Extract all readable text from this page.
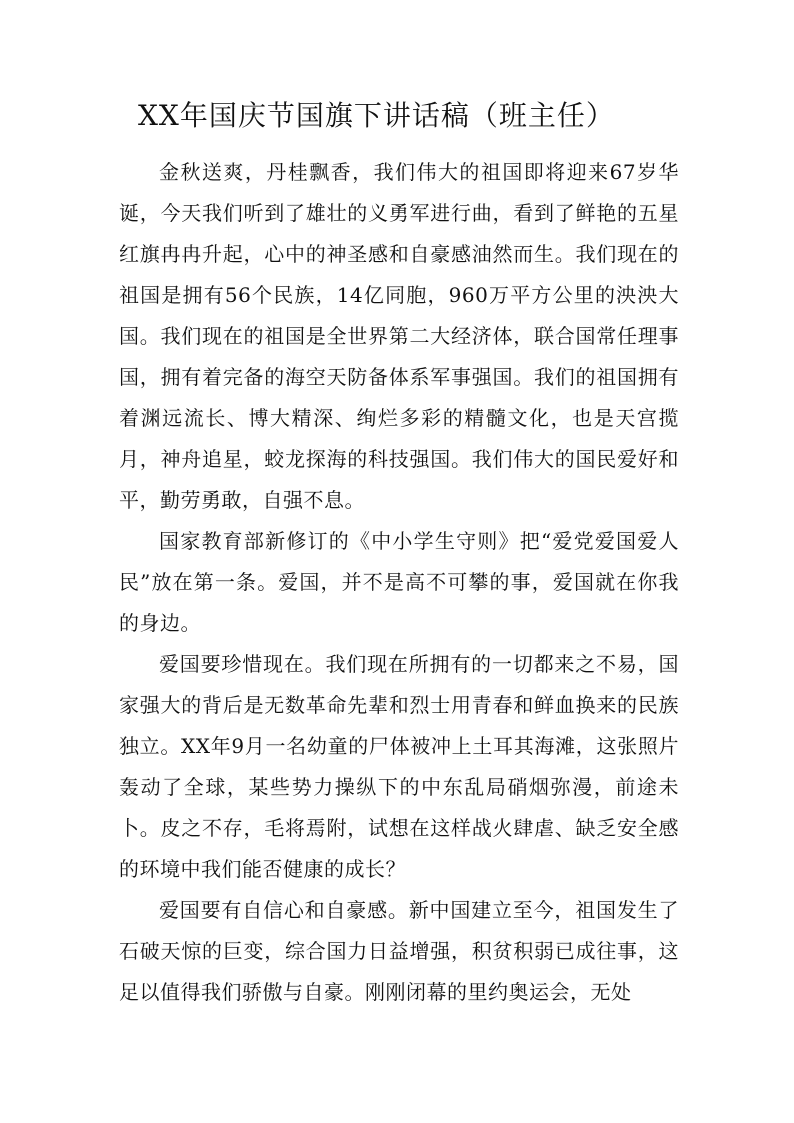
XX年国庆节国旗下讲话稿（班主任）

金秋送爽，丹桂飘香，我们伟大的祖国即将迎来67岁华诞，今天我们听到了雄壮的义勇军进行曲，看到了鲜艳的五星红旗冉冉升起，心中的神圣感和自豪感油然而生。我们现在的祖国是拥有56个民族，14亿同胞，960万平方公里的泱泱大国。我们现在的祖国是全世界第二大经济体，联合国常任理事国，拥有着完备的海空天防备体系军事强国。我们的祖国拥有着渊远流长、博大精深、绚烂多彩的精髓文化，也是天宫揽月，神舟追星，蛟龙探海的科技强国。我们伟大的国民爱好和平，勤劳勇敢，自强不息。

国家教育部新修订的《中小学生守则》把“爱党爱国爱人民”放在第一条。爱国，并不是高不可攀的事，爱国就在你我的身边。

爱国要珍惜现在。我们现在所拥有的一切都来之不易，国家强大的背后是无数革命先辈和烈士用青春和鲜血换来的民族独立。XX年9月一名幼童的尸体被冲上土耳其海滩，这张照片轰动了全球，某些势力操纵下的中东乱局硝烟弥漫，前途未卜。皮之不存，毛将焉附，试想在这样战火肆虐、缺乏安全感的环境中我们能否健康的成长？

爱国要有自信心和自豪感。新中国建立至今，祖国发生了石破天惊的巨变，综合国力日益增强，积贫积弱已成往事，这足以值得我们骄傲与自豪。刚刚闭幕的里约奥运会，无处
